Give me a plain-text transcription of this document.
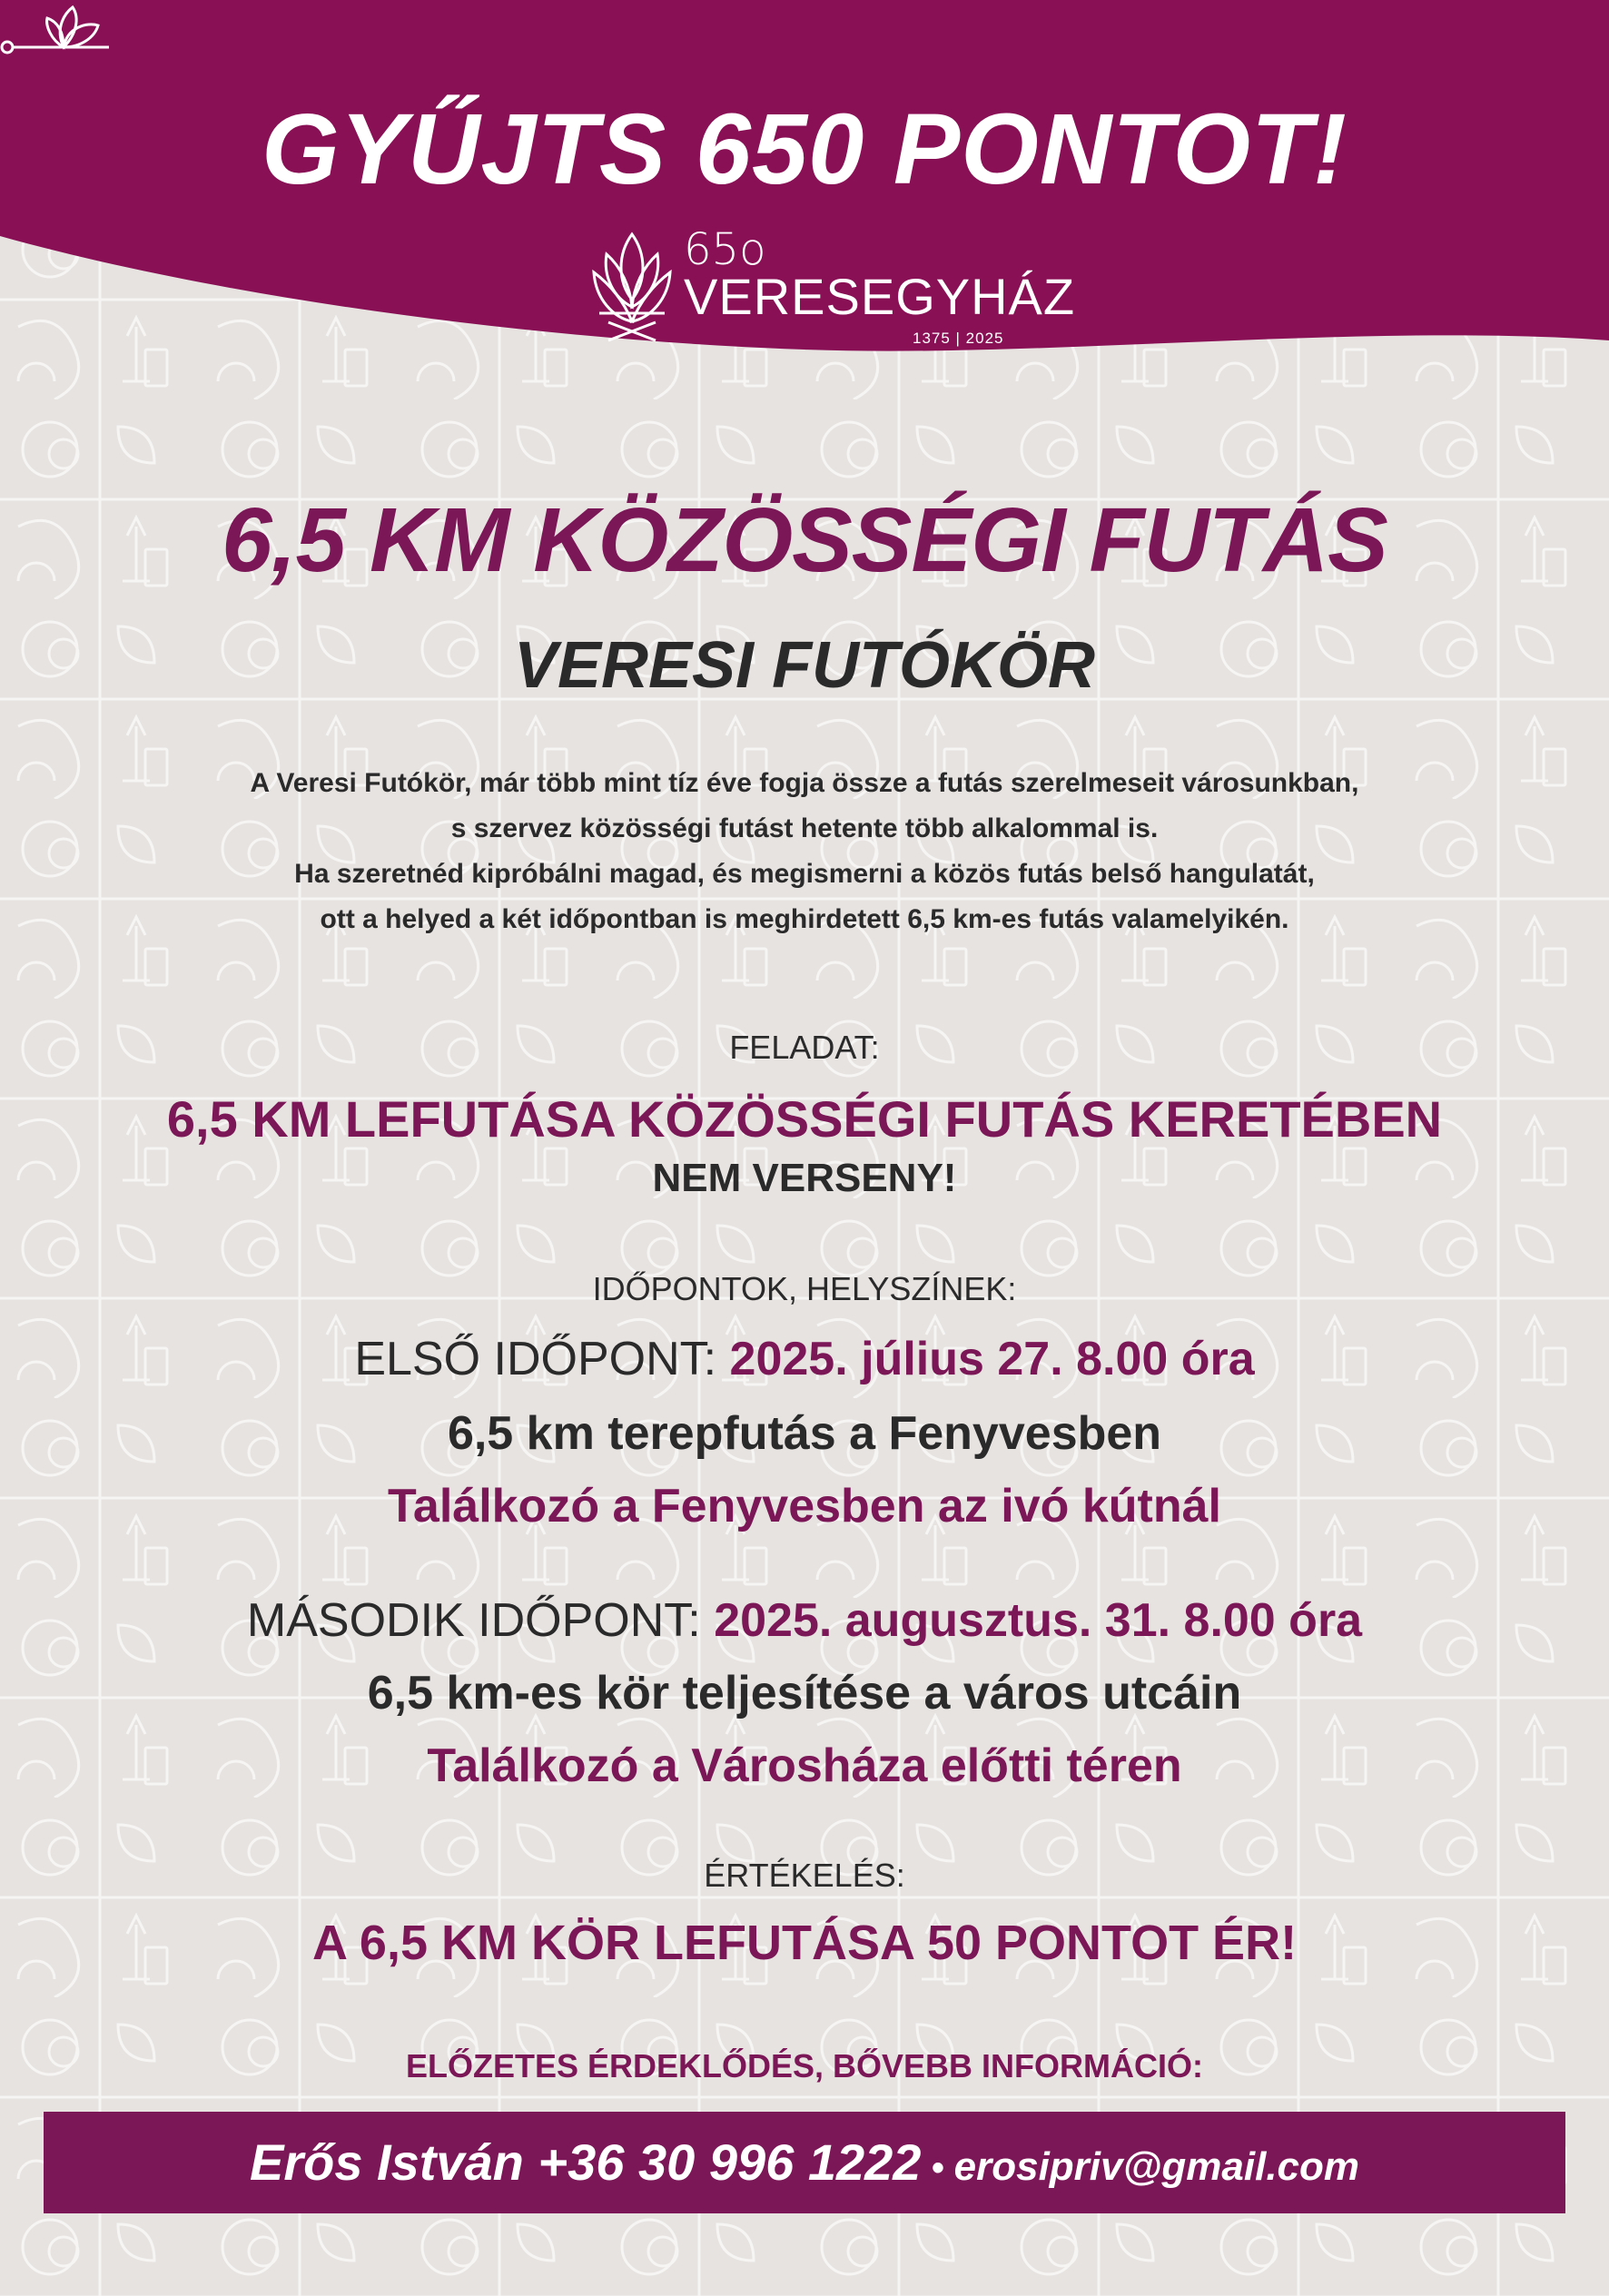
GYŰJTS 650 PONTOT!
65o
VERESEGYHÁZ
1375 | 2025
6,5 KM KÖZÖSSÉGI FUTÁS
VERESI FUTÓKÖR
A Veresi Futókör, már több mint tíz éve fogja össze a futás szerelmeseit városunkban,
s szervez közösségi futást hetente több alkalommal is.
Ha szeretnéd kipróbálni magad, és megismerni a közös futás belső hangulatát,
ott a helyed a két időpontban is meghirdetett 6,5 km-es futás valamelyikén.
FELADAT:
6,5 KM LEFUTÁSA KÖZÖSSÉGI FUTÁS KERETÉBEN
NEM VERSENY!
IDŐPONTOK, HELYSZÍNEK:
ELSŐ IDŐPONT: 2025. július 27. 8.00 óra
6,5 km terepfutás a Fenyvesben
Találkozó a Fenyvesben az ivó kútnál
MÁSODIK IDŐPONT: 2025. augusztus. 31. 8.00 óra
6,5 km-es kör teljesítése a város utcáin
Találkozó a Városháza előtti téren
ÉRTÉKELÉS:
A 6,5 KM KÖR LEFUTÁSA 50 PONTOT ÉR!
ELŐZETES ÉRDEKLŐDÉS, BŐVEBB INFORMÁCIÓ:
Erős István +36 30 996 1222 • erosipriv@gmail.com
